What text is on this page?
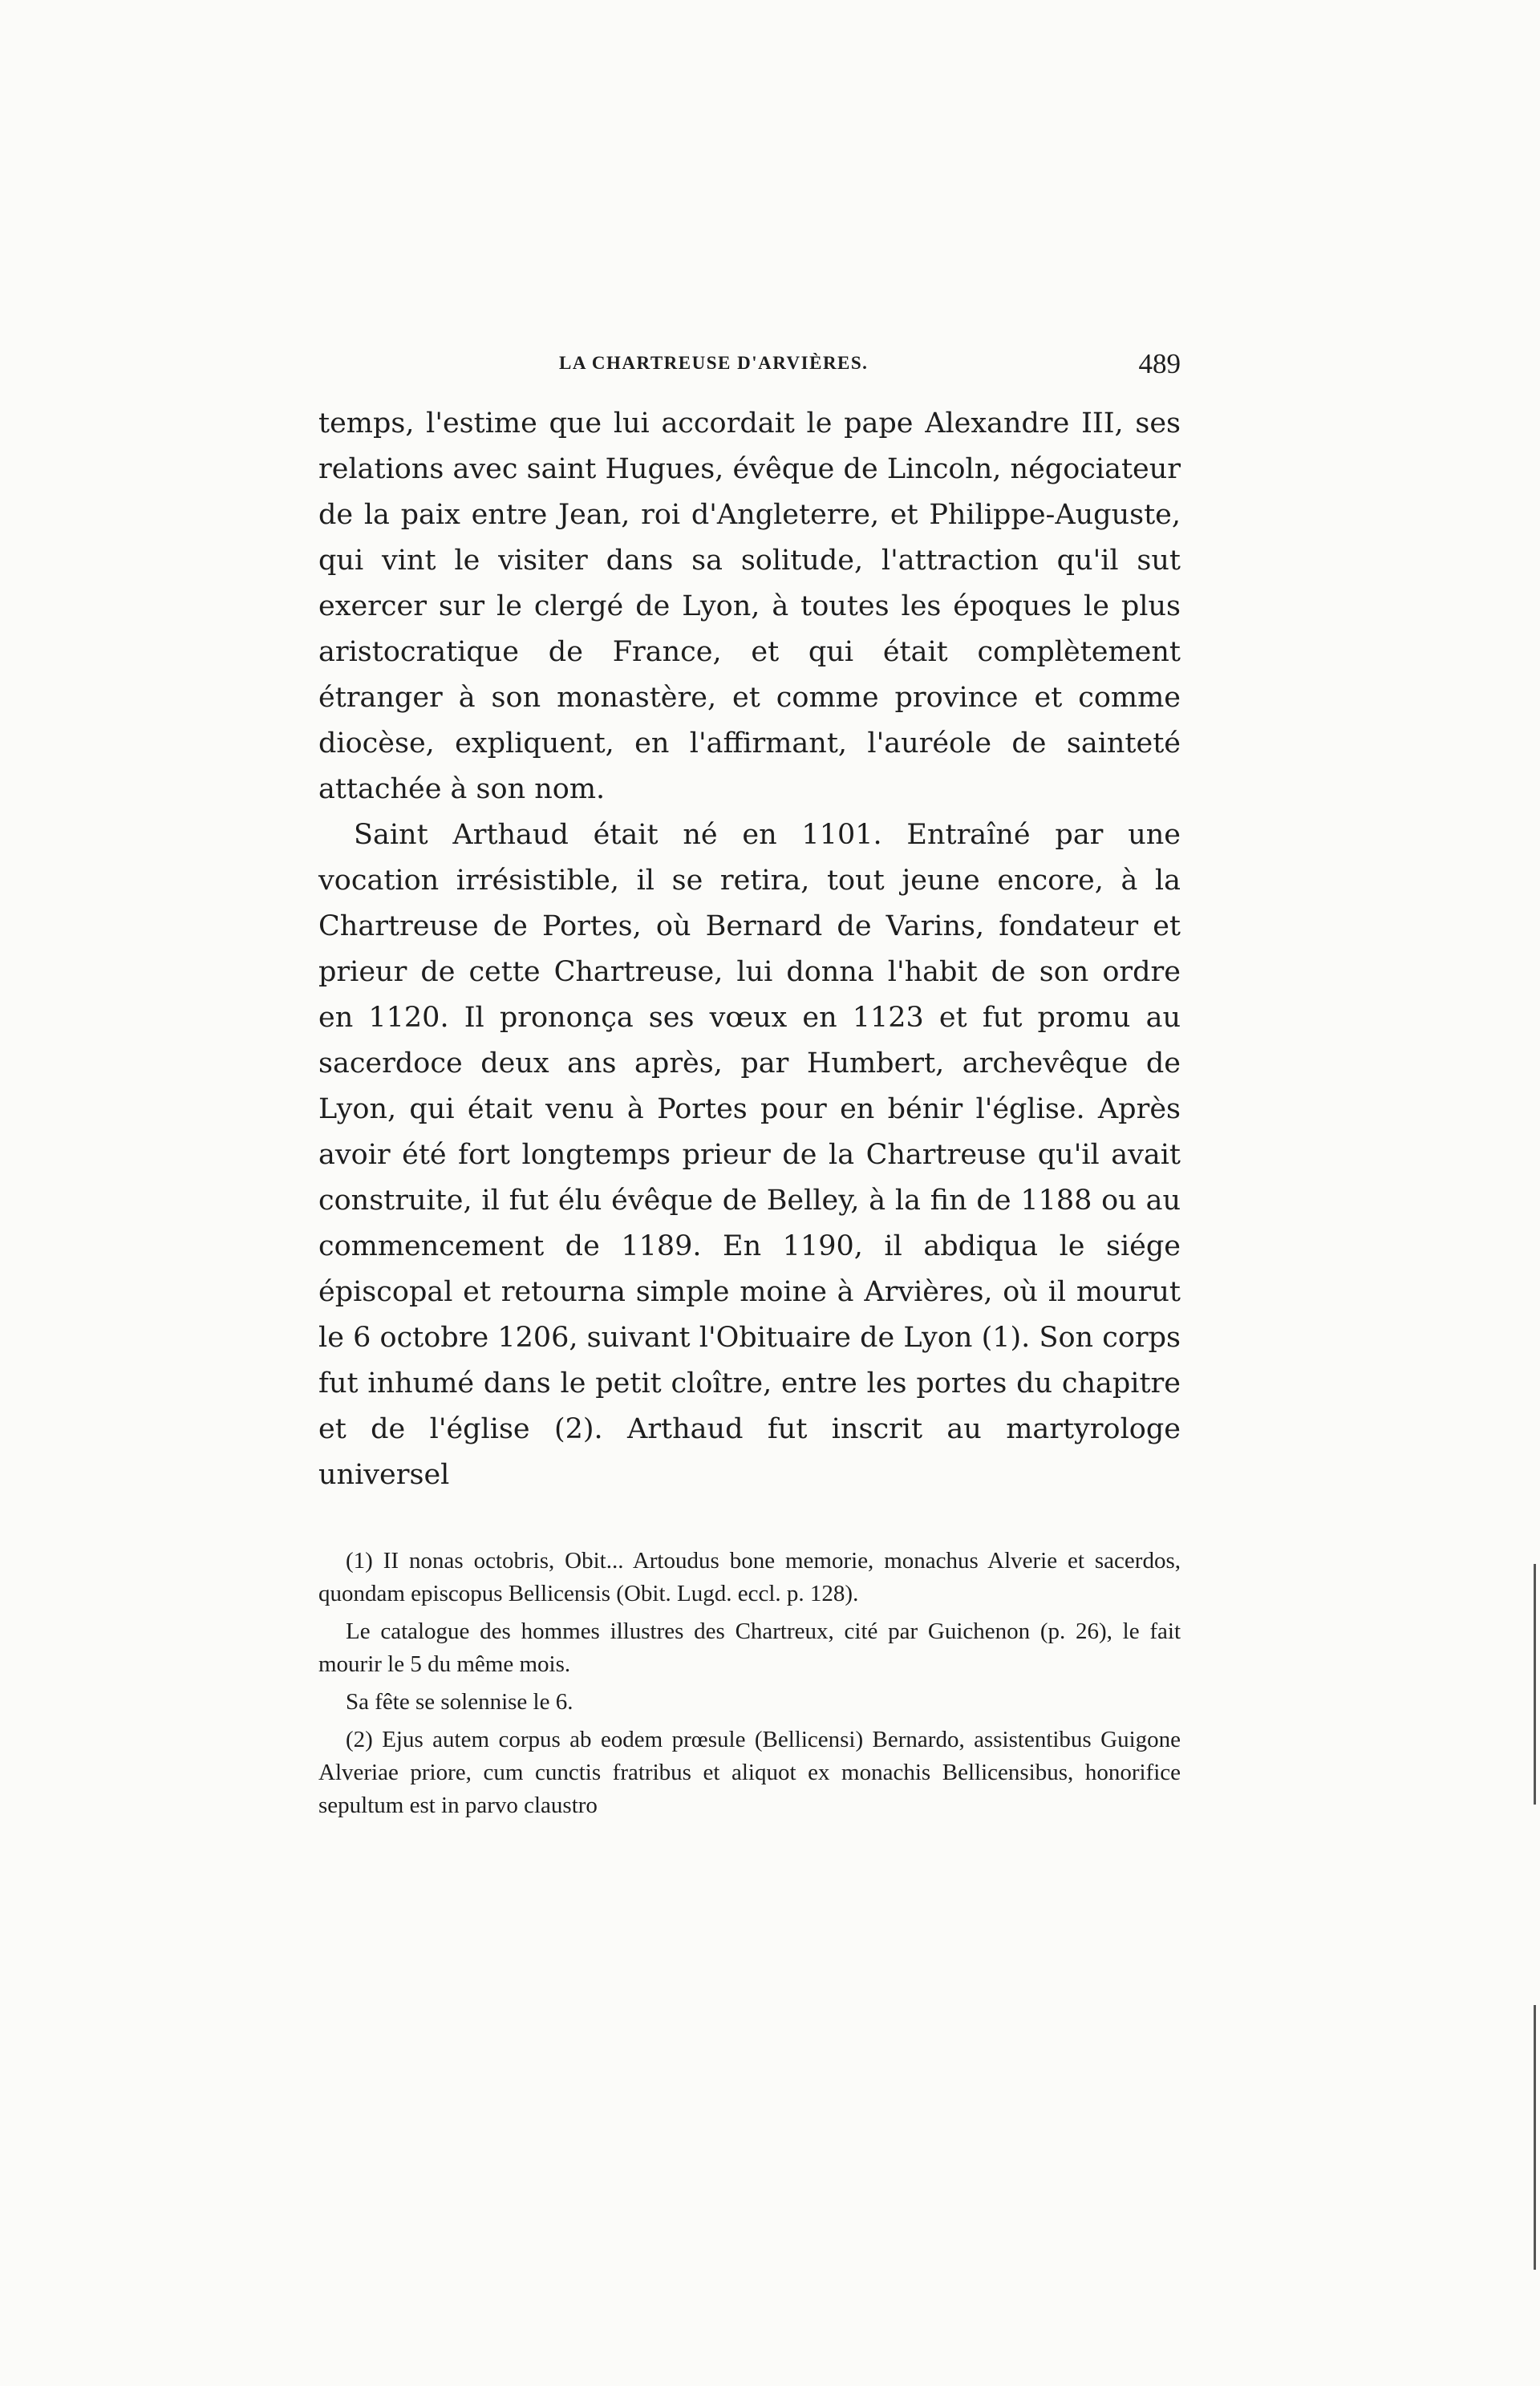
LA CHARTREUSE D'ARVIÈRES.	489

temps, l'estime que lui accordait le pape Alexandre III, ses relations avec saint Hugues, évêque de Lincoln, négociateur de la paix entre Jean, roi d'Angleterre, et Philippe-Auguste, qui vint le visiter dans sa solitude, l'attraction qu'il sut exercer sur le clergé de Lyon, à toutes les époques le plus aristocratique de France, et qui était complètement étranger à son monastère, et comme province et comme diocèse, expliquent, en l'affirmant, l'auréole de sainteté attachée à son nom.

Saint Arthaud était né en 1101. Entraîné par une vocation irrésistible, il se retira, tout jeune encore, à la Chartreuse de Portes, où Bernard de Varins, fondateur et prieur de cette Chartreuse, lui donna l'habit de son ordre en 1120. Il prononça ses vœux en 1123 et fut promu au sacerdoce deux ans après, par Humbert, archevêque de Lyon, qui était venu à Portes pour en bénir l'église. Après avoir été fort longtemps prieur de la Chartreuse qu'il avait construite, il fut élu évêque de Belley, à la fin de 1188 ou au commencement de 1189. En 1190, il abdiqua le siége épiscopal et retourna simple moine à Arvières, où il mourut le 6 octobre 1206, suivant l'Obituaire de Lyon (1). Son corps fut inhumé dans le petit cloître, entre les portes du chapitre et de l'église (2). Arthaud fut inscrit au martyrologe universel

(1) II nonas octobris, Obit... Artoudus bone memorie, monachus Alverie et sacerdos, quondam episcopus Bellicensis (Obit. Lugd. eccl. p. 128).

Le catalogue des hommes illustres des Chartreux, cité par Guichenon (p. 26), le fait mourir le 5 du même mois.

Sa fête se solennise le 6.

(2) Ejus autem corpus ab eodem prœsule (Bellicensi) Bernardo, assistentibus Guigone Alveriae priore, cum cunctis fratribus et aliquot ex monachis Bellicensibus, honorifice sepultum est in parvo claustro
